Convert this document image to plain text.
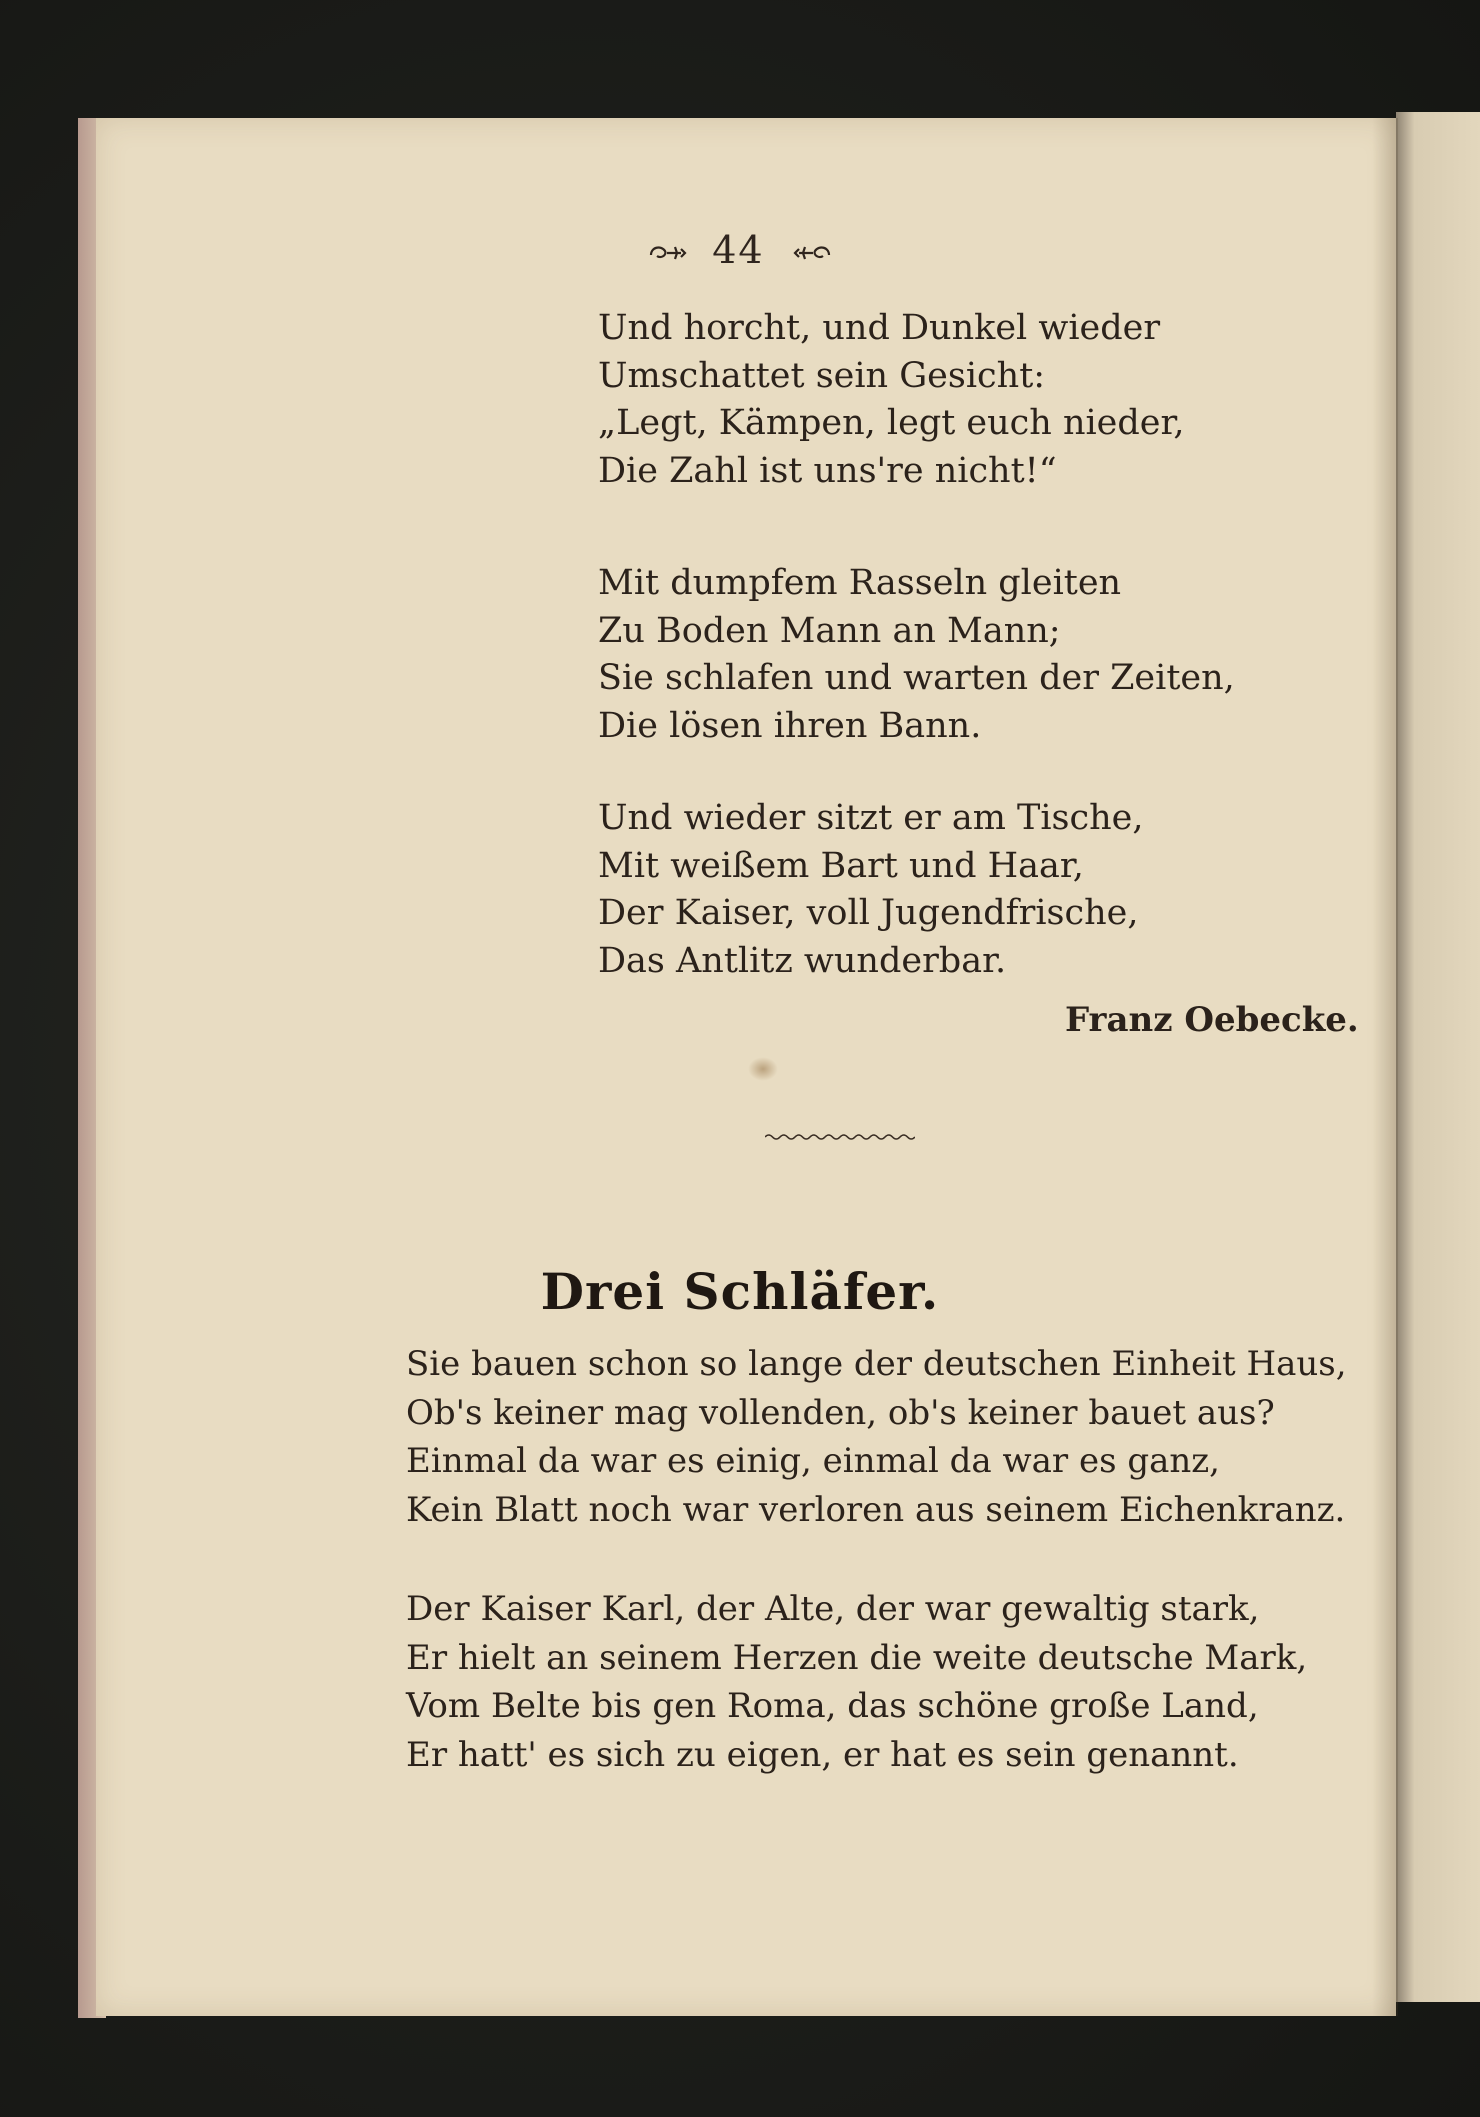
44

Und horcht, und Dunkel wieder

Umschattet sein Gesicht:

„Legt, Kämpen, legt euch nieder,

Die Zahl ist uns're nicht!“

Mit dumpfem Rasseln gleiten

Zu Boden Mann an Mann;

Sie schlafen und warten der Zeiten,

Die lösen ihren Bann.

Und wieder sitzt er am Tische,

Mit weißem Bart und Haar,

Der Kaiser, voll Jugendfrische,

Das Antlitz wunderbar.

Franz Oebecke.
Drei Schläfer.

Sie bauen schon so lange der deutschen Einheit Haus,

Ob's keiner mag vollenden, ob's keiner bauet aus?

Einmal da war es einig, einmal da war es ganz,

Kein Blatt noch war verloren aus seinem Eichenkranz.

Der Kaiser Karl, der Alte, der war gewaltig stark,

Er hielt an seinem Herzen die weite deutsche Mark,

Vom Belte bis gen Roma, das schöne große Land,

Er hatt' es sich zu eigen, er hat es sein genannt.
